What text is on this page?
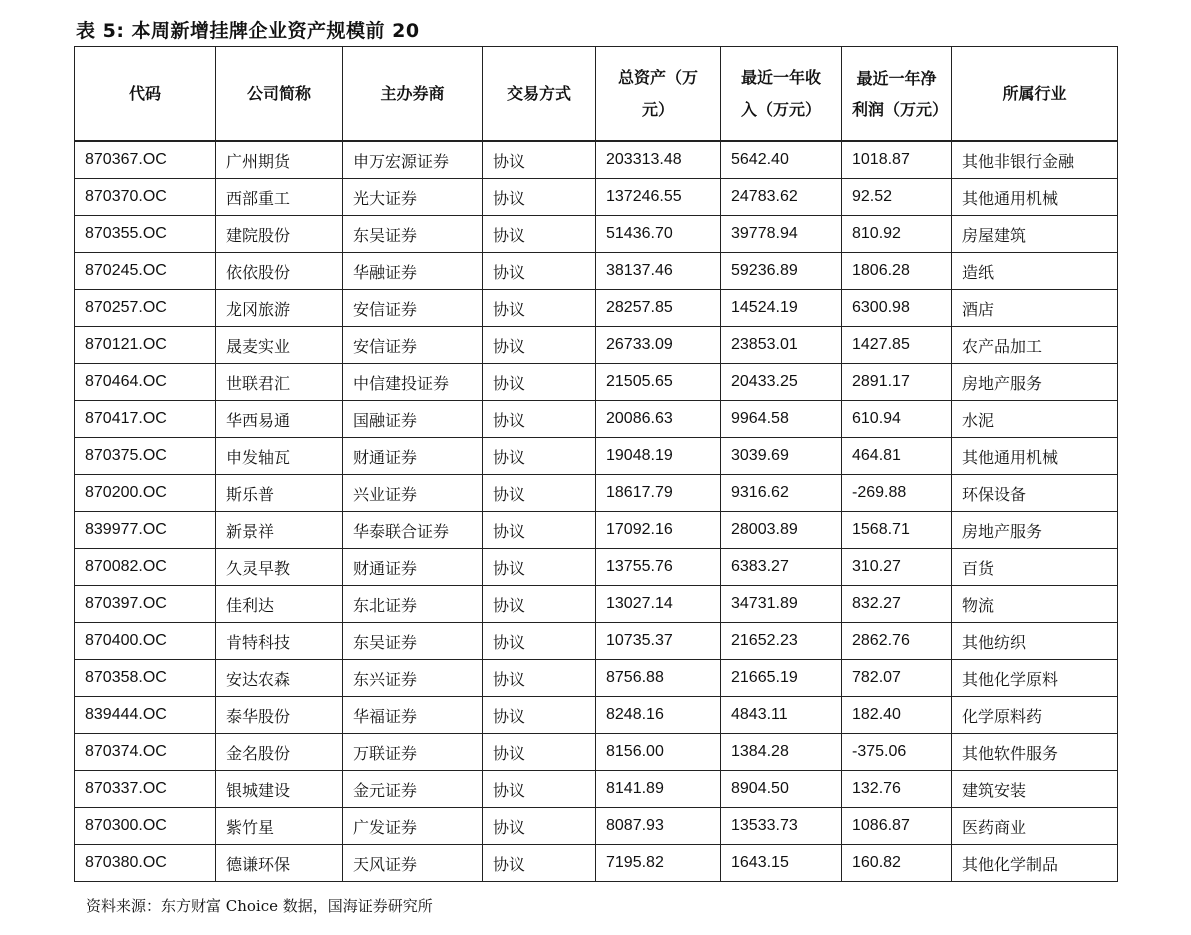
表 5: 本周新增挂牌企业资产规模前 20
代码	公司简称	主办券商	交易方式	总资产（万元）	最近一年收入（万元）	最近一年净利润（万元）	所属行业
870367.OC	广州期货	申万宏源证券	协议	203313.48	5642.40	1018.87	其他非银行金融
870370.OC	西部重工	光大证券	协议	137246.55	24783.62	92.52	其他通用机械
870355.OC	建院股份	东吴证券	协议	51436.70	39778.94	810.92	房屋建筑
870245.OC	依依股份	华融证券	协议	38137.46	59236.89	1806.28	造纸
870257.OC	龙冈旅游	安信证券	协议	28257.85	14524.19	6300.98	酒店
870121.OC	晟麦实业	安信证券	协议	26733.09	23853.01	1427.85	农产品加工
870464.OC	世联君汇	中信建投证券	协议	21505.65	20433.25	2891.17	房地产服务
870417.OC	华西易通	国融证券	协议	20086.63	9964.58	610.94	水泥
870375.OC	申发轴瓦	财通证券	协议	19048.19	3039.69	464.81	其他通用机械
870200.OC	斯乐普	兴业证券	协议	18617.79	9316.62	-269.88	环保设备
839977.OC	新景祥	华泰联合证券	协议	17092.16	28003.89	1568.71	房地产服务
870082.OC	久灵早教	财通证券	协议	13755.76	6383.27	310.27	百货
870397.OC	佳利达	东北证券	协议	13027.14	34731.89	832.27	物流
870400.OC	肯特科技	东吴证券	协议	10735.37	21652.23	2862.76	其他纺织
870358.OC	安达农森	东兴证券	协议	8756.88	21665.19	782.07	其他化学原料
839444.OC	泰华股份	华福证券	协议	8248.16	4843.11	182.40	化学原料药
870374.OC	金名股份	万联证券	协议	8156.00	1384.28	-375.06	其他软件服务
870337.OC	银城建设	金元证券	协议	8141.89	8904.50	132.76	建筑安装
870300.OC	紫竹星	广发证券	协议	8087.93	13533.73	1086.87	医药商业
870380.OC	德谦环保	天风证券	协议	7195.82	1643.15	160.82	其他化学制品
资料来源：东方财富 Choice 数据，国海证券研究所
